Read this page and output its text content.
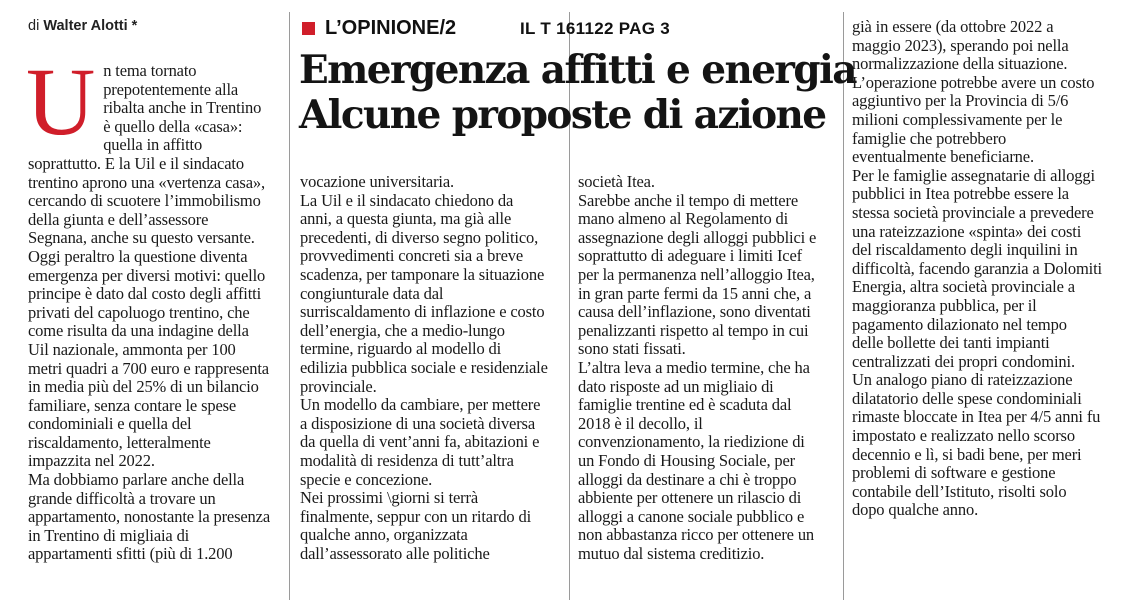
di Walter Alotti *	L’OPINIONE/2	IL T 161122 PAG 3
Emergenza affitti e energia
Alcune proposte di azione
U n tema tornato prepotentemente alla ribalta anche in Trentino è quello della «casa»: quella in affitto soprattutto. E la Uil e il sindacato trentino aprono una «vertenza casa», cercando di scuotere l’immobilismo della giunta e dell’assessore Segnana, anche su questo versante.

Oggi peraltro la questione diventa emergenza per diversi motivi: quello principe è dato dal costo degli affitti privati del capoluogo trentino, che come risulta da una indagine della Uil nazionale, ammonta per 100 metri quadri a 700 euro e rappresenta in media più del 25% di un bilancio familiare, senza contare le spese condominiali e quella del riscaldamento, letteralmente impazzita nel 2022.

Ma dobbiamo parlare anche della grande difficoltà a trovare un appartamento, nonostante la presenza in Trentino di migliaia di appartamenti sfitti (più di 1.200

vocazione universitaria.

La Uil e il sindacato chiedono da anni, a questa giunta, ma già alle precedenti, di diverso segno politico, provvedimenti concreti sia a breve scadenza, per tamponare la situazione congiunturale data dal surriscaldamento di inflazione e costo dell’energia, che a medio-lungo termine, riguardo al modello di edilizia pubblica sociale e residenziale provinciale.

Un modello da cambiare, per mettere a disposizione di una società diversa da quella di vent’anni fa, abitazioni e modalità di residenza di tutt’altra specie e concezione.

Nei prossimi \giorni si terrà finalmente, seppur con un ritardo di qualche anno, organizzata dall’assessorato alle politiche

società Itea.

Sarebbe anche il tempo di mettere mano almeno al Regolamento di assegnazione degli alloggi pubblici e soprattutto di adeguare i limiti Icef per la permanenza nell’alloggio Itea, in gran parte fermi da 15 anni che, a causa dell’inflazione, sono diventati penalizzanti rispetto al tempo in cui sono stati fissati.

L’altra leva a medio termine, che ha dato risposte ad un migliaio di famiglie trentine ed è scaduta dal 2018 è il decollo, il convenzionamento, la riedizione di un Fondo di Housing Sociale, per alloggi da destinare a chi è troppo abbiente per ottenere un rilascio di alloggi a canone sociale pubblico e non abbastanza ricco per ottenere un mutuo dal sistema creditizio.

già in essere (da ottobre 2022 a maggio 2023), sperando poi nella normalizzazione della situazione.

L’operazione potrebbe avere un costo aggiuntivo per la Provincia di 5/6 milioni complessivamente per le famiglie che potrebbero eventualmente beneficiarne.

Per le famiglie assegnatarie di alloggi pubblici in Itea potrebbe essere la stessa società provinciale a prevedere una rateizzazione «spinta» dei costi del riscaldamento degli inquilini in difficoltà, facendo garanzia a Dolomiti Energia, altra società provinciale a maggioranza pubblica, per il pagamento dilazionato nel tempo delle bollette dei tanti impianti centralizzati dei propri condomini.

Un analogo piano di rateizzazione dilatatorio delle spese condominiali rimaste bloccate in Itea per 4/5 anni fu impostato e realizzato nello scorso decennio e lì, si badi bene, per meri problemi di software e gestione contabile dell’Istituto, risolti solo dopo qualche anno.
